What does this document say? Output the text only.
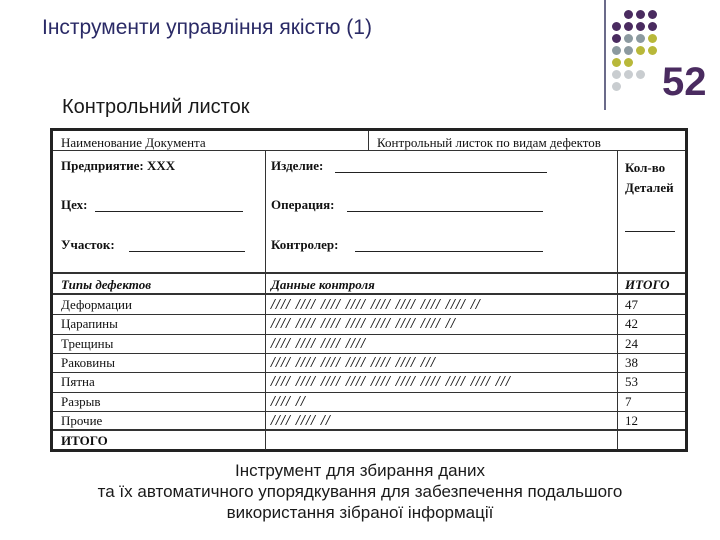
Інструменти управління якістю (1)
Контрольний листок
52
Наименование Документа	Контрольный листок по видам дефектов
Предприятие: XXX	Изделие:	Кол-во Деталей
Цех:	Операция:
Участок:	Контролер:
Типы дефектов	Данные контроля	ИТОГО
Деформации	//// //// //// //// //// //// //// //// //	47
Царапины	//// //// //// //// //// //// //// //	42
Трещины	//// //// //// ////	24
Раковины	//// //// //// //// //// //// ///	38
Пятна	//// //// //// //// //// //// //// //// //// ///	53
Разрыв	//// //	7
Прочие	//// //// //	12
ИТОГО
Інструмент для збирання даних
та їх автоматичного упорядкування для забезпечення подальшого
використання зібраної інформації
